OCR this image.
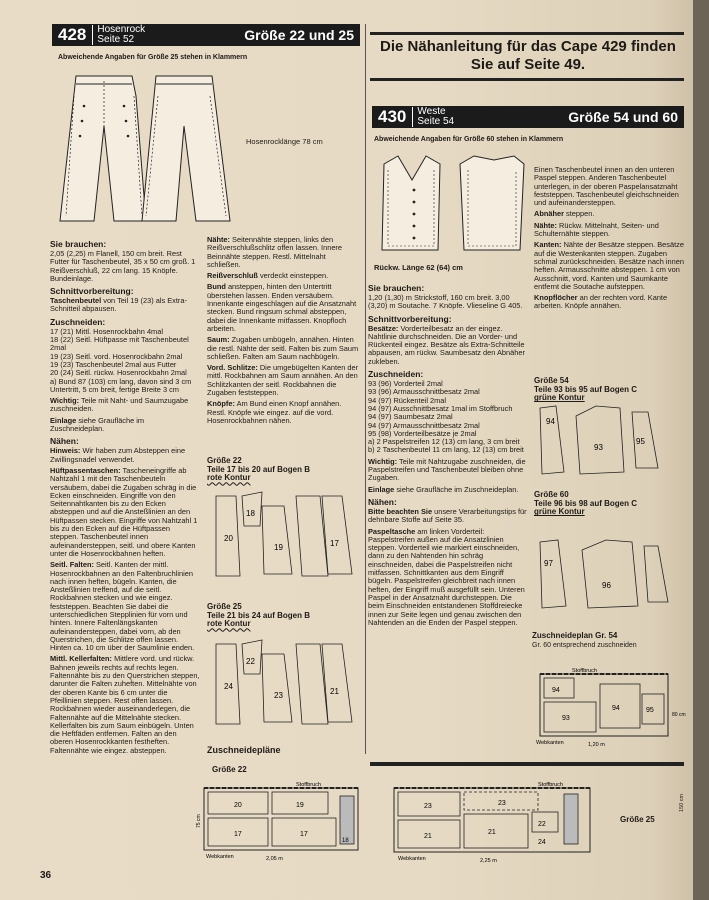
428	Hosenrock
Seite 52	Größe 22 und 25
Abweichende Angaben für Größe 25 stehen in Klammern
Hosenrocklänge 78 cm
Sie brauchen:

2,05 (2,25) m Flanell, 150 cm breit. Rest Futter für Taschenbeutel, 35 x 50 cm groß. 1 Reißverschluß, 22 cm lang. 15 Knöpfe. Bundeinlage.

Schnittvorbereitung:

Taschenbeutel von Teil 19 (23) als Extra-Schnitteil abpausen.

Zuschneiden:
17 (21) Mittl. Hosenrockbahn 4mal
18 (22) Seitl. Hüftpasse mit Taschenbeutel 2mal
19 (23) Seitl. vord. Hosenrockbahn 2mal
19 (23) Taschenbeutel 2mal aus Futter
20 (24) Seitl. rückw. Hosenrockbahn 2mal
a) Bund 87 (103) cm lang, davon sind 3 cm Untertritt, 5 cm breit, fertige Breite 3 cm

Wichtig: Teile mit Naht- und Saumzugabe zuschneiden.

Einlage siehe Graufläche im Zuschneideplan.

Nähen:

Hinweis: Wir haben zum Absteppen eine Zwillingsnadel verwendet.

Hüftpassentaschen: Tascheneingriffe ab Nahtzahl 1 mit den Taschenbeuteln versäubern, dabei die Zugaben schräg in die Ecken einschneiden. Eingriffe von den Seitennahtkanten bis zu den Ecken absteppen und auf die Ansteßlinien an den Hüftpassen stecken. Eingriffe von Nahtzahl 1 bis zu den Ecken auf die Hüftpassen steppen. Taschenbeutel innen aufeinandersteppen, seitl. und obere Kanten unter die Hosenrockbahnen heften.

Seitl. Falten: Seitl. Kanten der mittl. Hosenrockbahnen an den Faltenbruchlinien nach innen heften, bügeln. Kanten, die Ansteßlinien treffend, auf die seitl. Rockbahnen stecken und wie eingez. feststeppen. Beachten Sie dabei die unterschiedlichen Stepplinien für vorn und hinten. Innere Faltenlängskanten aufeinandersteppen, dabei vorn, ab den Querstrichen, die Schlitze offen lassen. Hinten ca. 10 cm über der Saumlinie enden.

Mittl. Kellerfalten: Mittlere vord. und rückw. Bahnen jeweils rechts auf rechts legen. Faltennähte bis zu den Querstrichen steppen, darunter die Falten zuheften. Mittelnähte von der oberen Kante bis 6 cm unter die Pfeillinien steppen. Rest offen lassen. Rockbahnen wieder auseinanderlegen, die Faltennähte auf die Mittelnähte stecken. Kellerfalten bis zum Saum einbügeln. Unten die Heftfäden entfernen. Falten an den oberen Hosenrockkanten festheften. Faltennähte wie eingez. absteppen.

Nähte: Seitennähte steppen, links den Reißverschlußschlitz offen lassen. Innere Beinnähte steppen. Restl. Mittelnaht schließen.

Reißverschluß verdeckt einsteppen.

Bund ansteppen, hinten den Untertritt überstehen lassen. Enden versäubern. Innenkante eingeschlagen auf die Ansatznaht stecken. Bund ringsum schmal absteppen, dabei die Innenkante mitfassen. Knopfloch arbeiten.

Saum: Zugaben umbügeln, annähen. Hinten die restl. Nähte der seitl. Falten bis zum Saum schließen. Falten am Saum nachbügeln.

Vord. Schlitze: Die umgebügelten Kanten der mittl. Rockbahnen am Saum annähen. An den Schlitzkanten der seitl. Rockbahnen die Zugaben feststeppen.

Knöpfe: Am Bund einen Knopf annähen. Restl. Knöpfe wie eingez. auf die vord. Hosenrockbahnen nähen.

Größe 22
Teile 17 bis 20 auf Bogen B
rote Kontur
20
18
19	17
Größe 25
Teile 21 bis 24 auf Bogen B
rote Kontur
24
22
23	21
Zuschneidepläne
Größe 22
20	19
17	17
18
Stoffbruch
Webkanten	2,05 m
75 cm
23	23
21
21
22
24
Stoffbruch
Webkanten	2,25 m
Größe 25
150 cm
Die Nähanleitung für das Cape 429 finden Sie auf Seite 49.
430	Weste
Seite 54	Größe 54 und 60
Abweichende Angaben für Größe 60 stehen in Klammern
Rückw. Länge 62 (64) cm
Sie brauchen:

1,20 (1,30) m Strickstoff, 160 cm breit. 3,00 (3,20) m Soutache. 7 Knöpfe. Vlieseline G 405.

Schnittvorbereitung:

Besätze: Vorderteilbesatz an der eingez. Nahtlinie durchschneiden. Die an Vorder- und Rückenteil eingez. Besätze als Extra-Schnitteile abpausen, am rückw. Saumbesatz den Abnäher zukleben.

Zuschneiden:
93 (96) Vorderteil 2mal
93 (96) Armausschnittbesatz 2mal
94 (97) Rückenteil 2mal
94 (97) Ausschnittbesatz 1mal im Stoffbruch
94 (97) Saumbesatz 2mal
94 (97) Armausschnittbesatz 2mal
95 (98) Vorderteilbesätze je 2mal
a) 2 Paspelstreifen 12 (13) cm lang, 3 cm breit
b) 2 Taschenbeutel 11 cm lang, 12 (13) cm breit

Wichtig: Teile mit Nahtzugabe zuschneiden, die Paspelstreifen und Taschenbeutel bleiben ohne Zugaben.

Einlage siehe Graufläche im Zuschneideplan.

Nähen:

Bitte beachten Sie unsere Verarbeitungstips für dehnbare Stoffe auf Seite 35.

Paspeltasche am linken Vorderteil: Paspelstreifen außen auf die Ansatzlinien steppen. Vorderteil wie markiert einschneiden, dann zu den Nahtenden hin schräg einschneiden, dabei die Paspelstreifen nicht mitfassen. Schnittkanten aus dem Eingriff bügeln. Paspelstreifen gleichbreit nach innen heften, der Eingriff muß ausgefüllt sein. Unteren Paspel in der Ansatznaht durchsteppen. Die beim Einschneiden entstandenen Stoffdreiecke innen zur Seite legen und genau zwischen den Nahtenden an die Enden der Paspel steppen.

Einen Taschenbeutel innen an den unteren Paspel steppen. Anderen Taschenbeutel unterlegen, in der oberen Paspelansatznaht feststeppen. Taschenbeutel gleichschneiden und aufeinandersteppen.

Abnäher steppen.

Nähte: Rückw. Mittelnaht, Seiten- und Schulternähte steppen.

Kanten: Nähte der Besätze steppen. Besätze auf die Westenkanten steppen. Zugaben schmal zurückschneiden. Besätze nach innen heften. Armausschnitte absteppen. 1 cm von Ausschnitt, vord. Kanten und Saumkante entfernt die Soutache aufsteppen.

Knopflöcher an der rechten vord. Kante arbeiten. Knöpfe annähen.

Größe 54
Teile 93 bis 95 auf Bogen C
grüne Kontur
94
93
95
Größe 60
Teile 96 bis 98 auf Bogen C
grüne Kontur
97
96
Zuschneideplan Gr. 54
Gr. 60 entsprechend zuschneiden
94
93
94	95
Stoffbruch
Webkanten	1,20 m
80 cm
36
